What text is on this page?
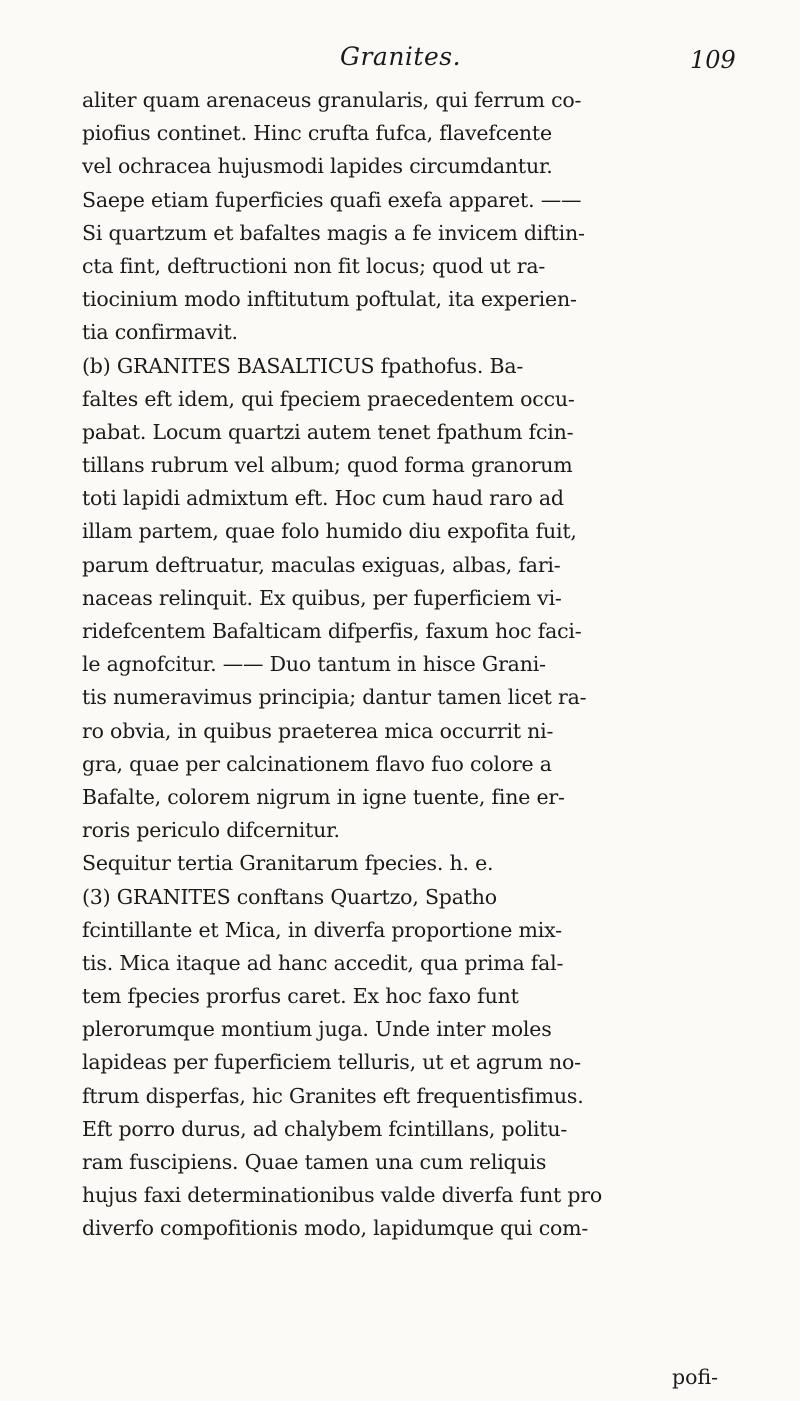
Granites.	109
aliter quam arenaceus granularis, qui ferrum co-
piofius continet. Hinc crufta fufca, flavefcente
vel ochracea hujusmodi lapides circumdantur.
Saepe etiam fuperficies quafi exefa apparet. ——
Si quartzum et bafaltes magis a fe invicem diftin-
cta fint, deftructioni non fit locus; quod ut ra-
tiocinium modo inftitutum poftulat, ita experien-
tia confirmavit.
(b) GRANITES BASALTICUS fpathofus. Ba-
faltes eft idem, qui fpeciem praecedentem occu-
pabat. Locum quartzi autem tenet fpathum fcin-
tillans rubrum vel album; quod forma granorum
toti lapidi admixtum eft. Hoc cum haud raro ad
illam partem, quae folo humido diu expofita fuit,
parum deftruatur, maculas exiguas, albas, fari-
naceas relinquit. Ex quibus, per fuperficiem vi-
ridefcentem Bafalticam difperfis, faxum hoc faci-
le agnofcitur. —— Duo tantum in hisce Grani-
tis numeravimus principia; dantur tamen licet ra-
ro obvia, in quibus praeterea mica occurrit ni-
gra, quae per calcinationem flavo fuo colore a
Bafalte, colorem nigrum in igne tuente, fine er-
roris periculo difcernitur.
Sequitur tertia Granitarum fpecies. h. e.
(3) GRANITES conftans Quartzo, Spatho
fcintillante et Mica, in diverfa proportione mix-
tis. Mica itaque ad hanc accedit, qua prima fal-
tem fpecies prorfus caret. Ex hoc faxo funt
plerorumque montium juga. Unde inter moles
lapideas per fuperficiem telluris, ut et agrum no-
ftrum disperfas, hic Granites eft frequentisfimus.
Eft porro durus, ad chalybem fcintillans, politu-
ram fuscipiens. Quae tamen una cum reliquis
hujus faxi determinationibus valde diverfa funt pro
diverfo compofitionis modo, lapidumque qui com-
pofi-
